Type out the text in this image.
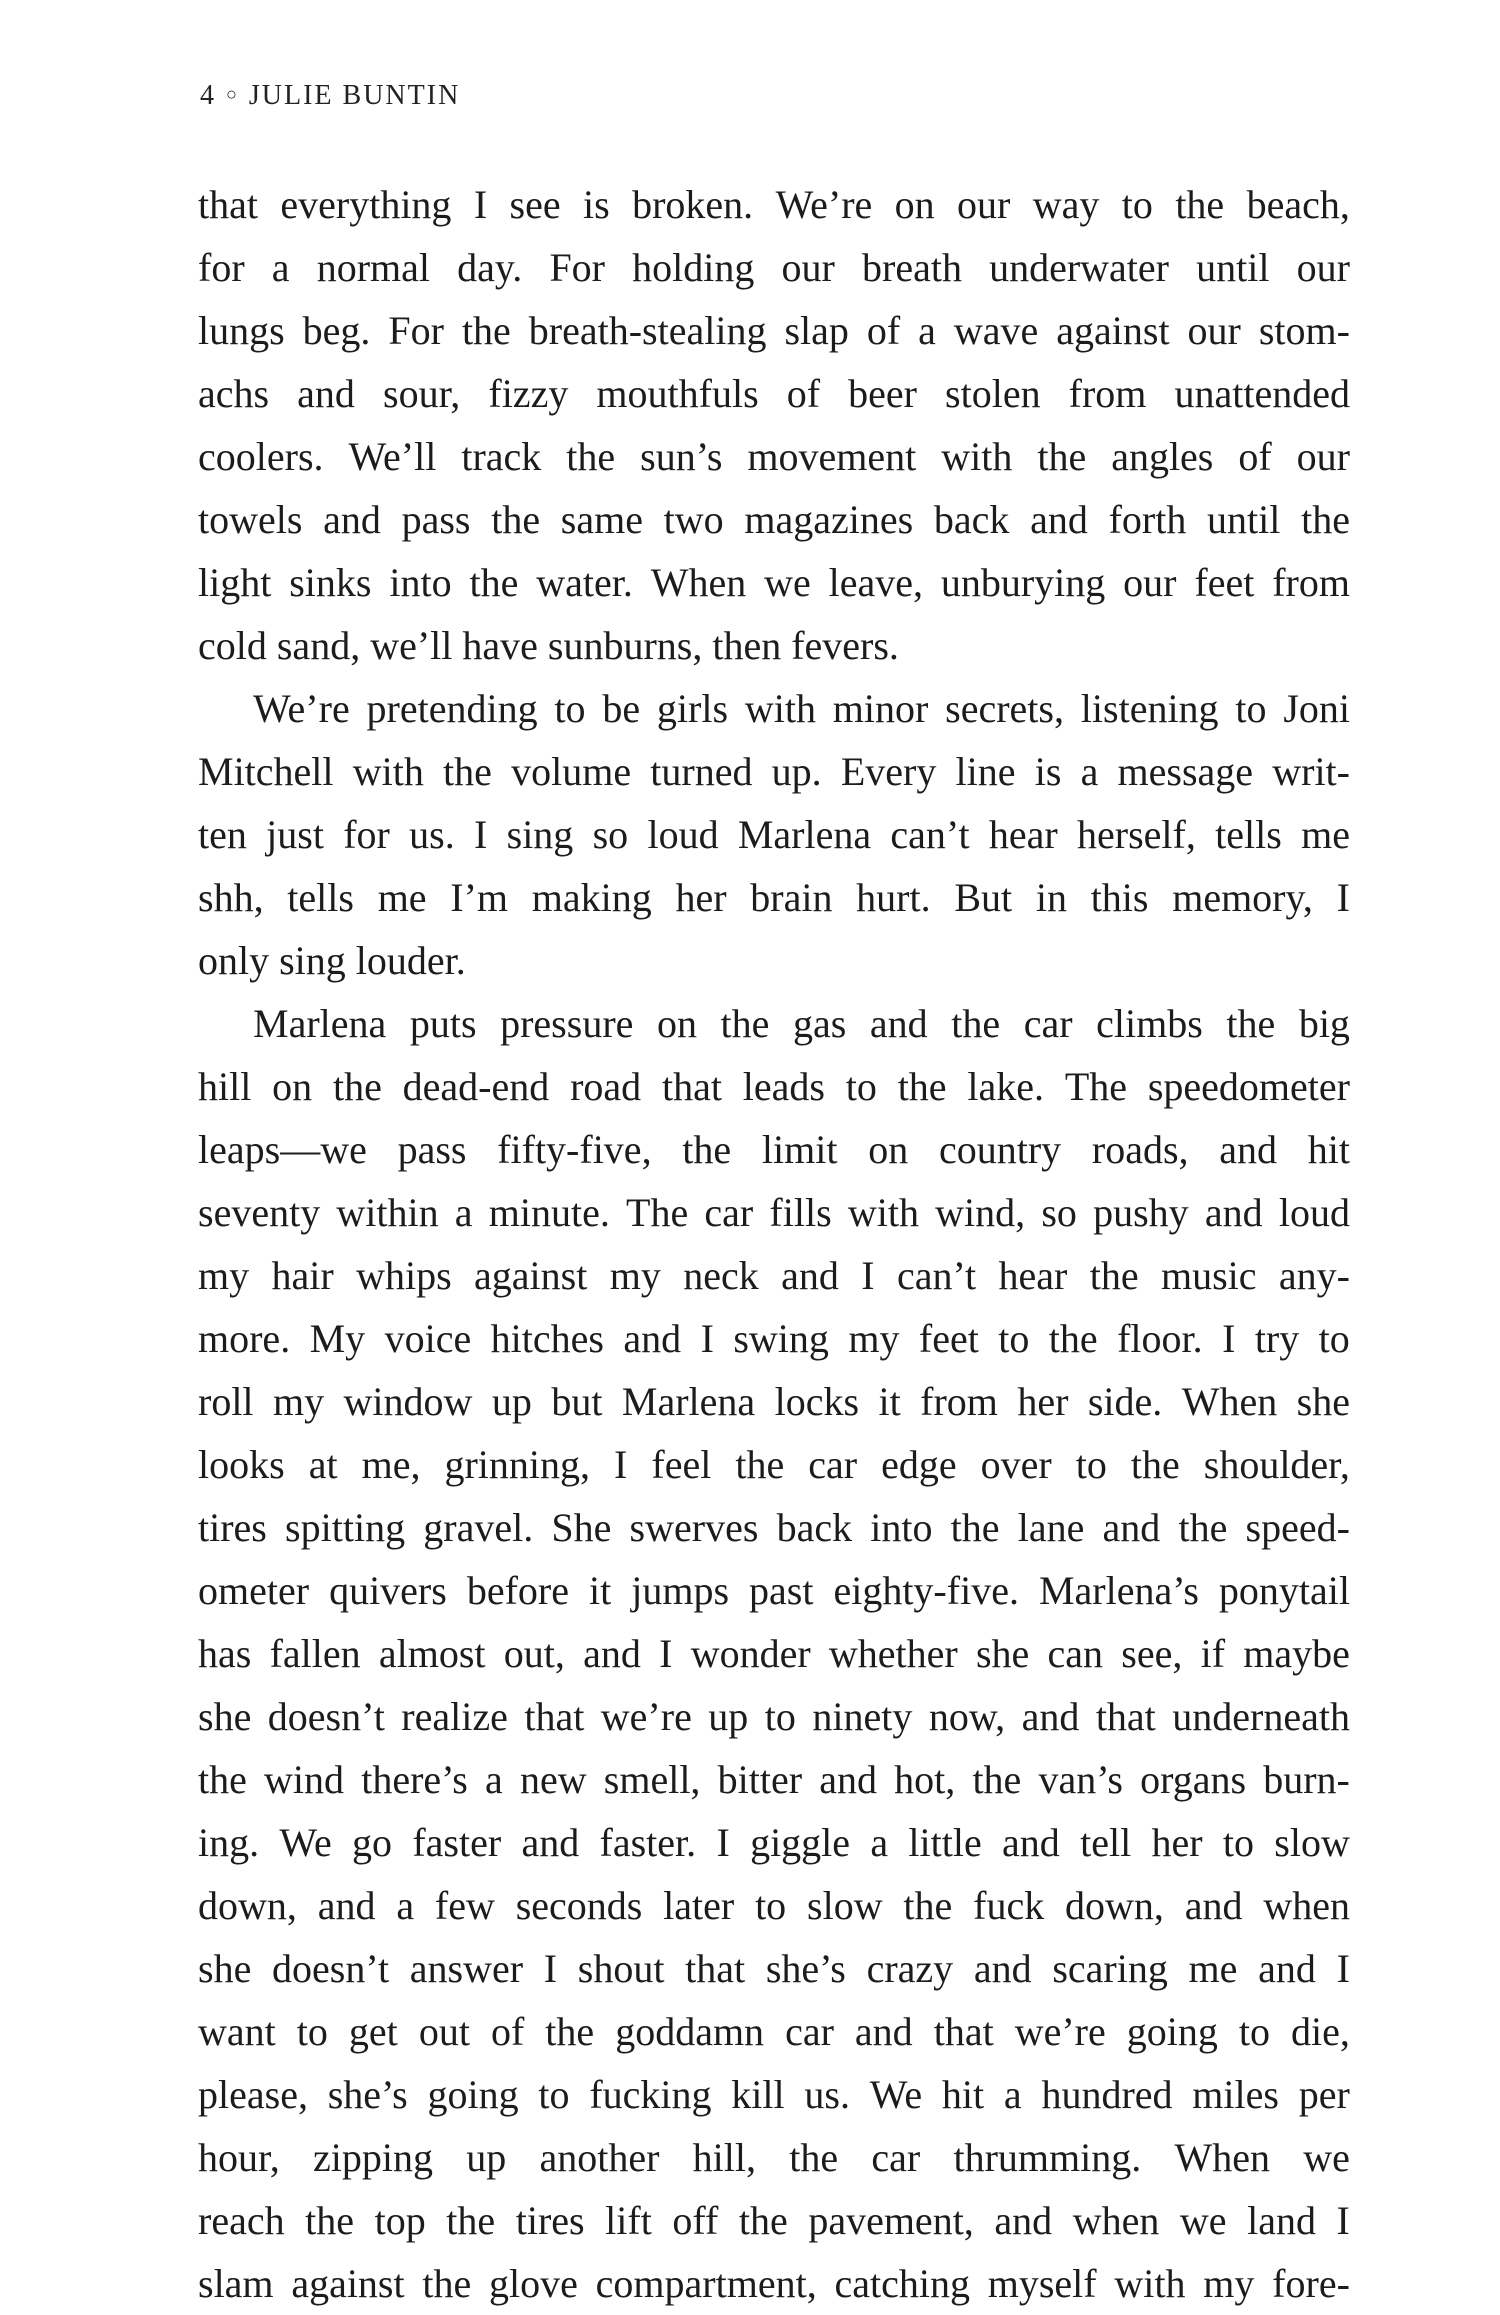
4 ○ JULIE BUNTIN
that everything I see is broken. We’re on our way to the beach,
for a normal day. For holding our breath underwater until our
lungs beg. For the breath-stealing slap of a wave against our stom-
achs and sour, fizzy mouthfuls of beer stolen from unattended
coolers. We’ll track the sun’s movement with the angles of our
towels and pass the same two magazines back and forth until the
light sinks into the water. When we leave, unburying our feet from
cold sand, we’ll have sunburns, then fevers.
We’re pretending to be girls with minor secrets, listening to Joni
Mitchell with the volume turned up. Every line is a message writ-
ten just for us. I sing so loud Marlena can’t hear herself, tells me
shh, tells me I’m making her brain hurt. But in this memory, I
only sing louder.
Marlena puts pressure on the gas and the car climbs the big
hill on the dead-end road that leads to the lake. The speedometer
leaps—we pass fifty-five, the limit on country roads, and hit
seventy within a minute. The car fills with wind, so pushy and loud
my hair whips against my neck and I can’t hear the music any-
more. My voice hitches and I swing my feet to the floor. I try to
roll my window up but Marlena locks it from her side. When she
looks at me, grinning, I feel the car edge over to the shoulder,
tires spitting gravel. She swerves back into the lane and the speed-
ometer quivers before it jumps past eighty-five. Marlena’s ponytail
has fallen almost out, and I wonder whether she can see, if maybe
she doesn’t realize that we’re up to ninety now, and that underneath
the wind there’s a new smell, bitter and hot, the van’s organs burn-
ing. We go faster and faster. I giggle a little and tell her to slow
down, and a few seconds later to slow the fuck down, and when
she doesn’t answer I shout that she’s crazy and scaring me and I
want to get out of the goddamn car and that we’re going to die,
please, she’s going to fucking kill us. We hit a hundred miles per
hour, zipping up another hill, the car thrumming. When we
reach the top the tires lift off the pavement, and when we land I
slam against the glove compartment, catching myself with my fore-
